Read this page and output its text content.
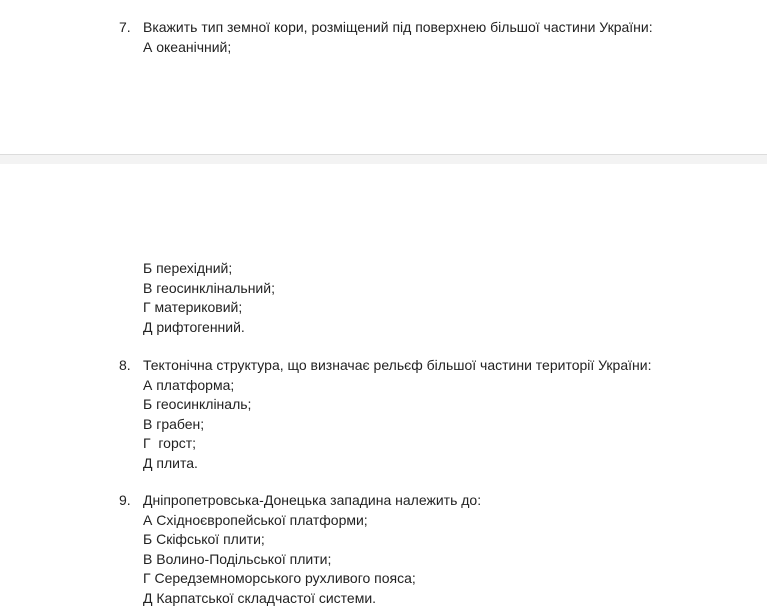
7. Вкажить тип земної кори, розміщений під поверхнею більшої частини України:
А океанічний;
Б перехідний;
В геосинклінальний;
Г материковий;
Д рифтогенний.
8. Тектонічна структура, що визначає рельєф більшої частини території України:
А платформа;
Б геосинкліналь;
В грабен;
Г  горст;
Д плита.
9. Дніпропетровська-Донецька западина належить до:
А Східноєвропейської платформи;
Б Скіфської плити;
В Волино-Подільської плити;
Г Середземноморського рухливого пояса;
Д Карпатської складчастої системи.
